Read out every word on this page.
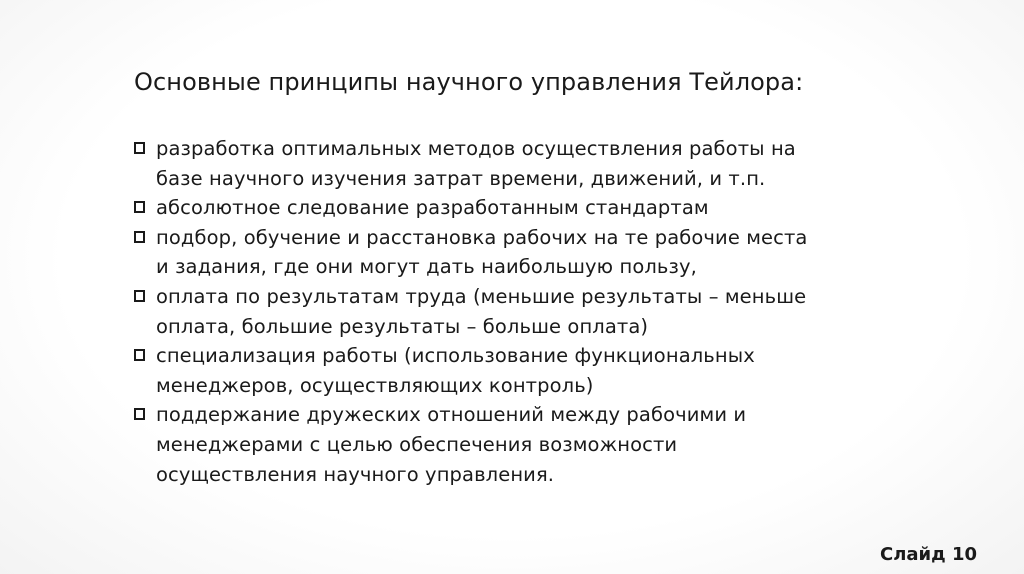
Основные принципы научного управления Тейлора:
разработка оптимальных методов осуществления работы на
базе научного изучения затрат времени, движений, и т.п.
абсолютное следование разработанным стандартам
подбор, обучение и расстановка рабочих на те рабочие места
и задания, где они могут дать наибольшую пользу,
оплата по результатам труда (меньшие результаты – меньше
оплата, большие результаты – больше оплата)
специализация работы (использование функциональных
менеджеров, осуществляющих контроль)
поддержание дружеских отношений между рабочими и
менеджерами с целью обеспечения возможности
осуществления научного управления.
Слайд 10
